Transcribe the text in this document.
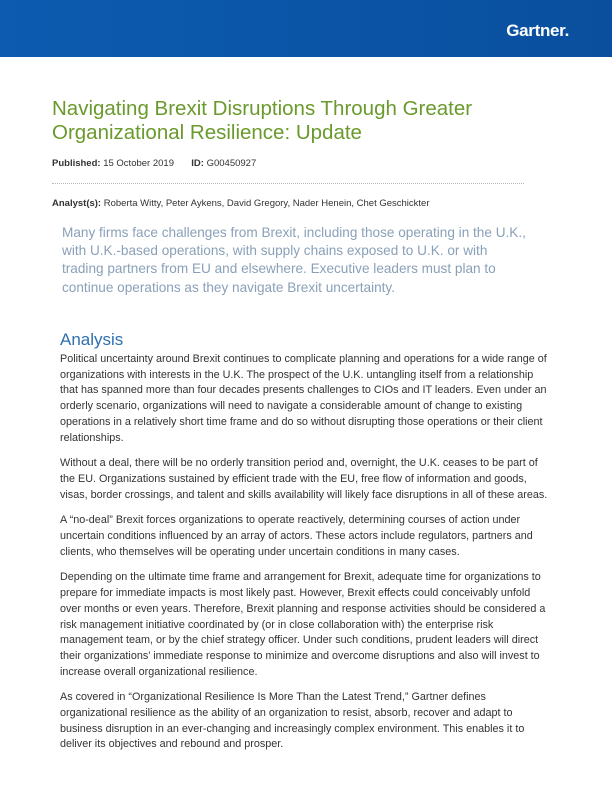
Gartner.
Navigating Brexit Disruptions Through Greater Organizational Resilience: Update
Published: 15 October 2019 ID: G00450927
Analyst(s): Roberta Witty, Peter Aykens, David Gregory, Nader Henein, Chet Geschickter

Many firms face challenges from Brexit, including those operating in the U.K., with U.K.-based operations, with supply chains exposed to U.K. or with trading partners from EU and elsewhere. Executive leaders must plan to continue operations as they navigate Brexit uncertainty.

Analysis

Political uncertainty around Brexit continues to complicate planning and operations for a wide range of organizations with interests in the U.K. The prospect of the U.K. untangling itself from a relationship that has spanned more than four decades presents challenges to CIOs and IT leaders. Even under an orderly scenario, organizations will need to navigate a considerable amount of change to existing operations in a relatively short time frame and do so without disrupting those operations or their client relationships.

Without a deal, there will be no orderly transition period and, overnight, the U.K. ceases to be part of the EU. Organizations sustained by efficient trade with the EU, free flow of information and goods, visas, border crossings, and talent and skills availability will likely face disruptions in all of these areas.

A “no-deal” Brexit forces organizations to operate reactively, determining courses of action under uncertain conditions influenced by an array of actors. These actors include regulators, partners and clients, who themselves will be operating under uncertain conditions in many cases.

Depending on the ultimate time frame and arrangement for Brexit, adequate time for organizations to prepare for immediate impacts is most likely past. However, Brexit effects could conceivably unfold over months or even years. Therefore, Brexit planning and response activities should be considered a risk management initiative coordinated by (or in close collaboration with) the enterprise risk management team, or by the chief strategy officer. Under such conditions, prudent leaders will direct their organizations’ immediate response to minimize and overcome disruptions and also will invest to increase overall organizational resilience.

As covered in “Organizational Resilience Is More Than the Latest Trend,” Gartner defines organizational resilience as the ability of an organization to resist, absorb, recover and adapt to business disruption in an ever-changing and increasingly complex environment. This enables it to deliver its objectives and rebound and prosper.
